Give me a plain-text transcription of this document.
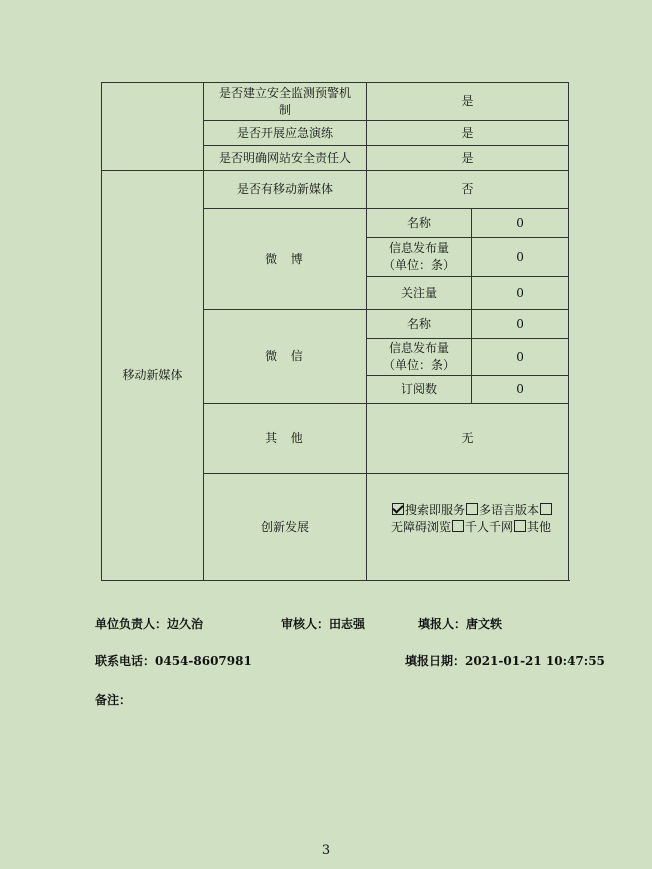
	是否建立安全监测预警机制	是	
	是否开展应急演练	是	
	是否明确网站安全责任人	是	
移动新媒体	是否有移动新媒体	否	
	微  博	名称	0
		信息发布量（单位：条）	0
		关注量	0
	微  信	名称	0
		信息发布量（单位：条）	0
		订阅数	0
	其  他	无	
	创新发展	搜索即服务 多语言版本无障碍浏览 千人千网 其他	
单位负责人：边久治	审核人：田志强	填报人：唐文轶
联系电话：0454-8607981	填报日期：2021-01-21 10:47:55
备注：
3
